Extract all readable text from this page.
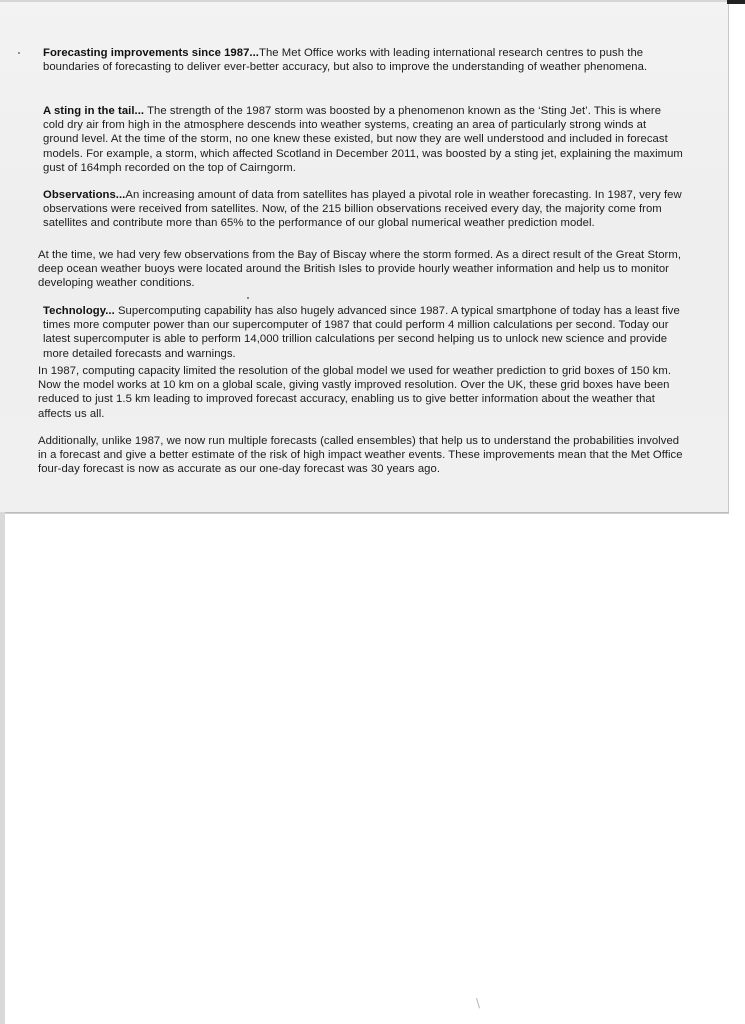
Forecasting improvements since 1987...The Met Office works with leading international research centres to push the boundaries of forecasting to deliver ever-better accuracy, but also to improve the understanding of weather phenomena.
A sting in the tail... The strength of the 1987 storm was boosted by a phenomenon known as the ‘Sting Jet’. This is where cold dry air from high in the atmosphere descends into weather systems, creating an area of particularly strong winds at ground level. At the time of the storm, no one knew these existed, but now they are well understood and included in forecast models. For example, a storm, which affected Scotland in December 2011, was boosted by a sting jet, explaining the maximum gust of 164mph recorded on the top of Cairngorm.
Observations...An increasing amount of data from satellites has played a pivotal role in weather forecasting. In 1987, very few observations were received from satellites. Now, of the 215 billion observations received every day, the majority come from satellites and contribute more than 65% to the performance of our global numerical weather prediction model.
At the time, we had very few observations from the Bay of Biscay where the storm formed. As a direct result of the Great Storm, deep ocean weather buoys were located around the British Isles to provide hourly weather information and help us to monitor developing weather conditions.
Technology... Supercomputing capability has also hugely advanced since 1987. A typical smartphone of today has a least five times more computer power than our supercomputer of 1987 that could perform 4 million calculations per second. Today our latest supercomputer is able to perform 14,000 trillion calculations per second helping us to unlock new science and provide more detailed forecasts and warnings.
In 1987, computing capacity limited the resolution of the global model we used for weather prediction to grid boxes of 150 km. Now the model works at 10 km on a global scale, giving vastly improved resolution. Over the UK, these grid boxes have been reduced to just 1.5 km leading to improved forecast accuracy, enabling us to give better information about the weather that affects us all.
Additionally, unlike 1987, we now run multiple forecasts (called ensembles) that help us to understand the probabilities involved in a forecast and give a better estimate of the risk of high impact weather events. These improvements mean that the Met Office four-day forecast is now as accurate as our one-day forecast was 30 years ago.
\
